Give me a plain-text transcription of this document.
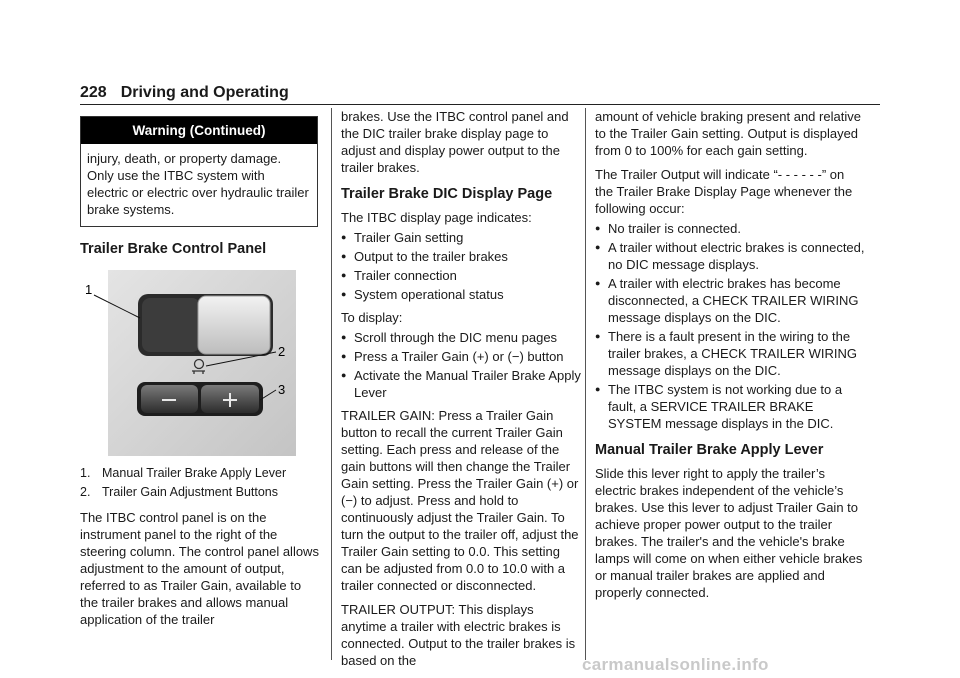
228 Driving and Operating
Warning (Continued)
injury, death, or property damage. Only use the ITBC system with electric or electric over hydraulic trailer brake systems.
Trailer Brake Control Panel
1
2
3
1. Manual Trailer Brake Apply Lever
2. Trailer Gain Adjustment Buttons

The ITBC control panel is on the instrument panel to the right of the steering column. The control panel allows adjustment to the amount of output, referred to as Trailer Gain, available to the trailer brakes and allows manual application of the trailer

brakes. Use the ITBC control panel and the DIC trailer brake display page to adjust and display power output to the trailer brakes.

Trailer Brake DIC Display Page

The ITBC display page indicates:

● Trailer Gain setting
● Output to the trailer brakes
● Trailer connection
● System operational status

To display:

● Scroll through the DIC menu pages
● Press a Trailer Gain (+) or (−) button
● Activate the Manual Trailer Brake Apply Lever

TRAILER GAIN: Press a Trailer Gain button to recall the current Trailer Gain setting. Each press and release of the gain buttons will then change the Trailer Gain setting. Press the Trailer Gain (+) or (−) to adjust. Press and hold to continuously adjust the Trailer Gain. To turn the output to the trailer off, adjust the Trailer Gain setting to 0.0. This setting can be adjusted from 0.0 to 10.0 with a trailer connected or disconnected.

TRAILER OUTPUT: This displays anytime a trailer with electric brakes is connected. Output to the trailer brakes is based on the

amount of vehicle braking present and relative to the Trailer Gain setting. Output is displayed from 0 to 100% for each gain setting.

The Trailer Output will indicate “- - - - - -” on the Trailer Brake Display Page whenever the following occur:

● No trailer is connected.
● A trailer without electric brakes is connected, no DIC message displays.
● A trailer with electric brakes has become disconnected, a CHECK TRAILER WIRING message displays on the DIC.
● There is a fault present in the wiring to the trailer brakes, a CHECK TRAILER WIRING message displays on the DIC.
● The ITBC system is not working due to a fault, a SERVICE TRAILER BRAKE SYSTEM message displays in the DIC.
Manual Trailer Brake Apply Lever

Slide this lever right to apply the trailer’s electric brakes independent of the vehicle’s brakes. Use this lever to adjust Trailer Gain to achieve proper power output to the trailer brakes. The trailer's and the vehicle's brake lamps will come on when either vehicle brakes or manual trailer brakes are applied and properly connected.

carmanualsonline.info
